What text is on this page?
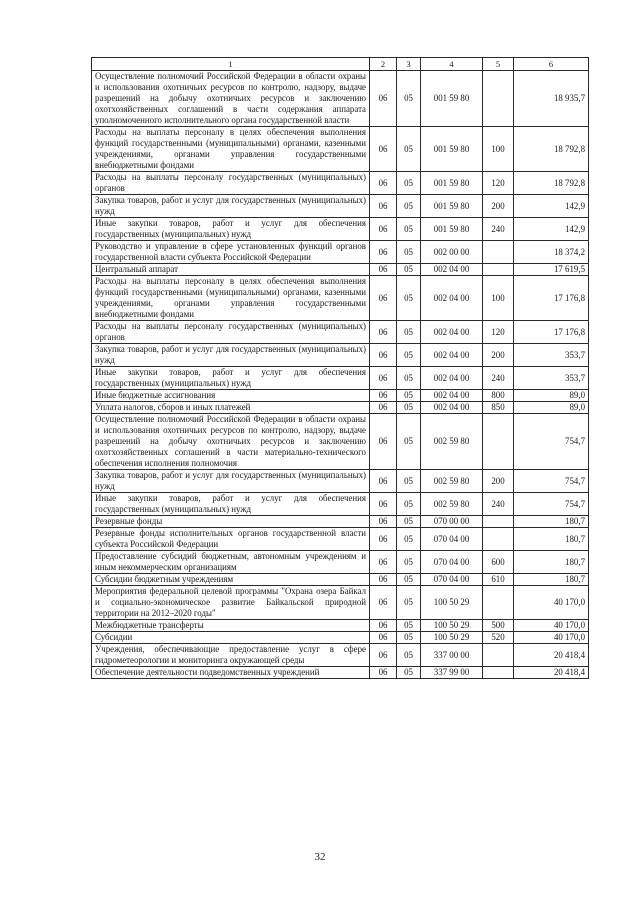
1	2	3	4	5	6
Осуществление полномочий Российской Федерации в области охраны и использования охотничьих ресурсов по контролю, надзору, выдаче разрешений на добычу охотничьих ресурсов и заключению охотхозяйственных соглашений в части содержания аппарата уполномоченного исполнительного органа государственной власти	06	05	001 59 80		18 935,7
Расходы на выплаты персоналу в целях обеспечения выполнения функций государственными (муниципальными) органами, казенными учреждениями, органами управления государственными внебюджетными фондами	06	05	001 59 80	100	18 792,8
Расходы на выплаты персоналу государственных (муниципальных) органов	06	05	001 59 80	120	18 792,8
Закупка товаров, работ и услуг для государственных (муниципальных) нужд	06	05	001 59 80	200	142,9
Иные закупки товаров, работ и услуг для обеспечения государственных (муниципальных) нужд	06	05	001 59 80	240	142,9
Руководство и управление в сфере установленных функций органов государственной власти субъекта Российской Федерации	06	05	002 00 00		18 374,2
Центральный аппарат	06	05	002 04 00		17 619,5
Расходы на выплаты персоналу в целях обеспечения выполнения функций государственными (муниципальными) органами, казенными учреждениями, органами управления государственными внебюджетными фондами	06	05	002 04 00	100	17 176,8
Расходы на выплаты персоналу государственных (муниципальных) органов	06	05	002 04 00	120	17 176,8
Закупка товаров, работ и услуг для государственных (муниципальных) нужд	06	05	002 04 00	200	353,7
Иные закупки товаров, работ и услуг для обеспечения государственных (муниципальных) нужд	06	05	002 04 00	240	353,7
Иные бюджетные ассигнования	06	05	002 04 00	800	89,0
Уплата налогов, сборов и иных платежей	06	05	002 04 00	850	89,0
Осуществление полномочий Российской Федерации в области охраны и использования охотничьих ресурсов по контролю, надзору, выдаче разрешений на добычу охотничьих ресурсов и заключению охотхозяйственных соглашений в части материально-технического обеспечения исполнения полномочия	06	05	002 59 80		754,7
Закупка товаров, работ и услуг для государственных (муниципальных) нужд	06	05	002 59 80	200	754,7
Иные закупки товаров, работ и услуг для обеспечения государственных (муниципальных) нужд	06	05	002 59 80	240	754,7
Резервные фонды	06	05	070 00 00		180,7
Резервные фонды исполнительных органов государственной власти субъекта Российской Федерации	06	05	070 04 00		180,7
Предоставление субсидий бюджетным, автономным учреждениям и иным некоммерческим организациям	06	05	070 04 00	600	180,7
Субсидии бюджетным учреждениям	06	05	070 04 00	610	180,7
Мероприятия федеральной целевой программы "Охрана озера Байкал и социально-экономическое развитие Байкальской природной территории на 2012–2020 годы"	06	05	100 50 29		40 170,0
Межбюджетные трансферты	06	05	100 50 29	500	40 170,0
Субсидии	06	05	100 50 29	520	40 170,0
Учреждения, обеспечивающие предоставление услуг в сфере гидрометеорологии и мониторинга окружающей среды	06	05	337 00 00		20 418,4
Обеспечение деятельности подведомственных учреждений	06	05	337 99 00		20 418,4
32
